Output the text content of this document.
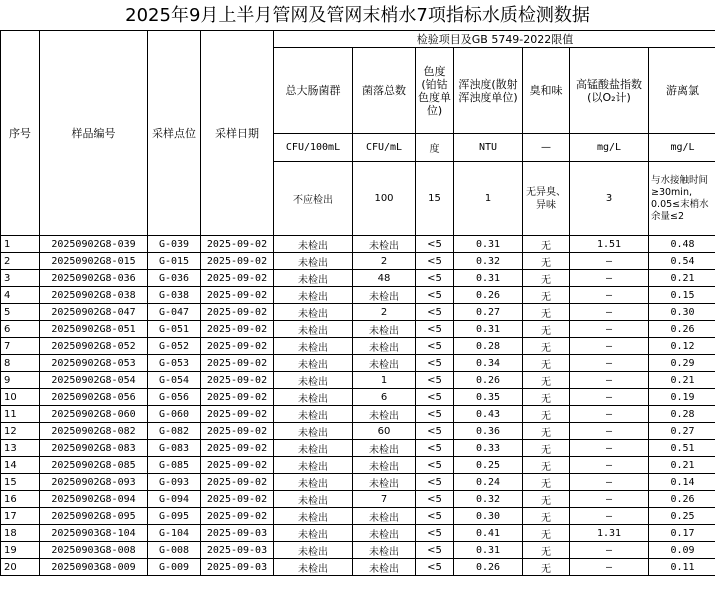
2025年9月上半月管网及管网末梢水7项指标水质检测数据
序号	样品编号	采样点位	采样日期	检验项目及GB 5749-2022限值						
				总大肠菌群	菌落总数	色度(铂钴色度单位)	浑浊度(散射浑浊度单位)	臭和味	高锰酸盐指数(以O₂计)	游离氯
				CFU/100mL	CFU/mL	度	NTU	—	mg/L	mg/L
				不应检出	100	15	1	无异臭、异味	3	与水接触时间≥30min, 0.05≤末梢水余量≤2
1	20250902G8-039	G-039	2025-09-02	未检出	未检出	<5	0.31	无	1.51	0.48
2	20250902G8-015	G-015	2025-09-02	未检出	2	<5	0.32	无	—	0.54
3	20250902G8-036	G-036	2025-09-02	未检出	48	<5	0.31	无	—	0.21
4	20250902G8-038	G-038	2025-09-02	未检出	未检出	<5	0.26	无	—	0.15
5	20250902G8-047	G-047	2025-09-02	未检出	2	<5	0.27	无	—	0.30
6	20250902G8-051	G-051	2025-09-02	未检出	未检出	<5	0.31	无	—	0.26
7	20250902G8-052	G-052	2025-09-02	未检出	未检出	<5	0.28	无	—	0.12
8	20250902G8-053	G-053	2025-09-02	未检出	未检出	<5	0.34	无	—	0.29
9	20250902G8-054	G-054	2025-09-02	未检出	1	<5	0.26	无	—	0.21
10	20250902G8-056	G-056	2025-09-02	未检出	6	<5	0.35	无	—	0.19
11	20250902G8-060	G-060	2025-09-02	未检出	未检出	<5	0.43	无	—	0.28
12	20250902G8-082	G-082	2025-09-02	未检出	60	<5	0.36	无	—	0.27
13	20250902G8-083	G-083	2025-09-02	未检出	未检出	<5	0.33	无	—	0.51
14	20250902G8-085	G-085	2025-09-02	未检出	未检出	<5	0.25	无	—	0.21
15	20250902G8-093	G-093	2025-09-02	未检出	未检出	<5	0.24	无	—	0.14
16	20250902G8-094	G-094	2025-09-02	未检出	7	<5	0.32	无	—	0.26
17	20250902G8-095	G-095	2025-09-02	未检出	未检出	<5	0.30	无	—	0.25
18	20250903G8-104	G-104	2025-09-03	未检出	未检出	<5	0.41	无	1.31	0.17
19	20250903G8-008	G-008	2025-09-03	未检出	未检出	<5	0.31	无	—	0.09
20	20250903G8-009	G-009	2025-09-03	未检出	未检出	<5	0.26	无	—	0.11
